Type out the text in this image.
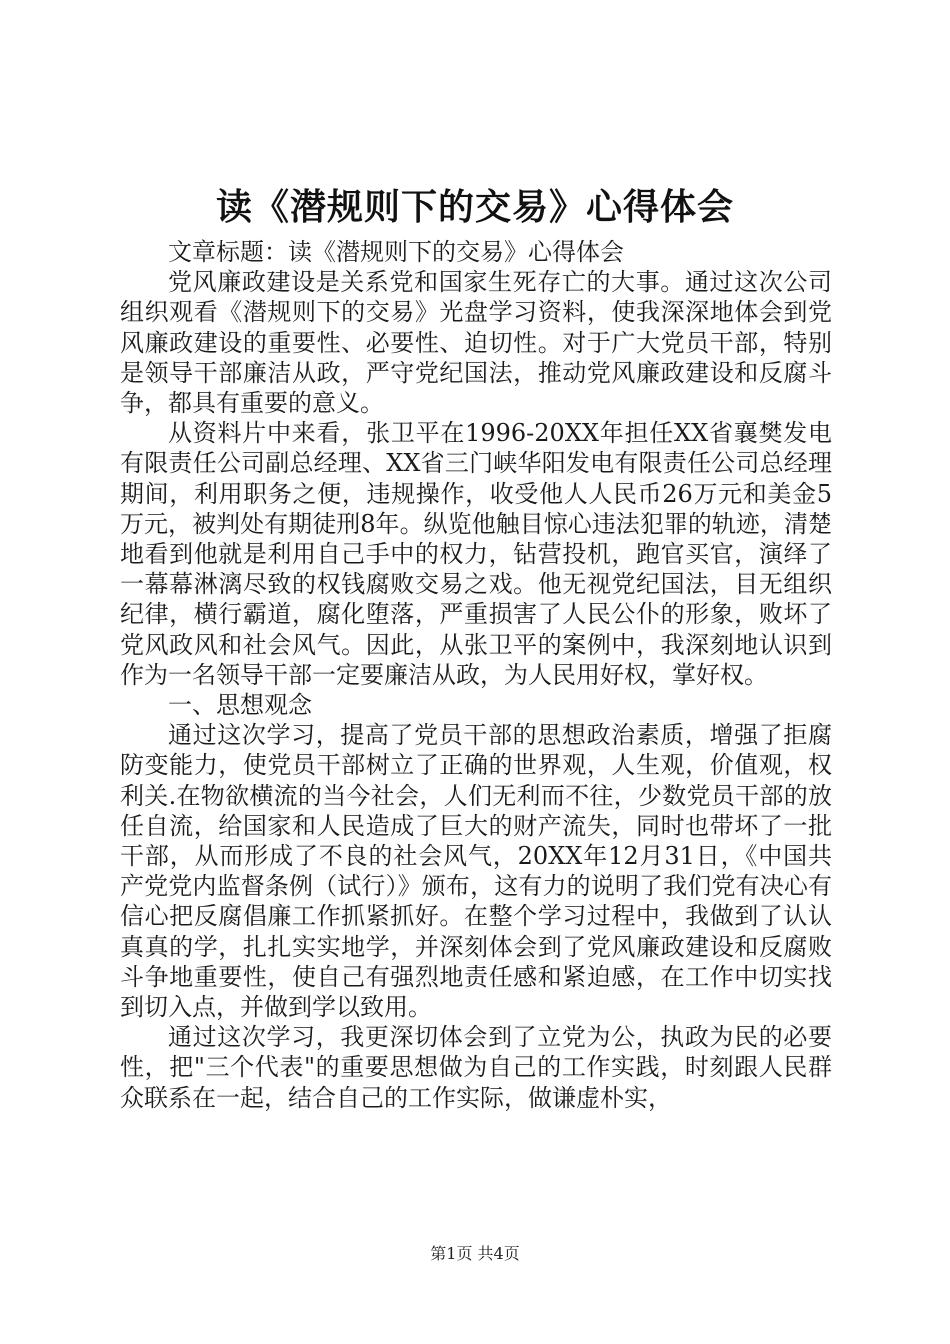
读《潜规则下的交易》心得体会

文章标题：读《潜规则下的交易》心得体会

党风廉政建设是关系党和国家生死存亡的大事。通过这次公司组织观看《潜规则下的交易》光盘学习资料，使我深深地体会到党风廉政建设的重要性、必要性、迫切性。对于广大党员干部，特别是领导干部廉洁从政，严守党纪国法，推动党风廉政建设和反腐斗争，都具有重要的意义。

从资料片中来看，张卫平在1996-20XX年担任XX省襄樊发电有限责任公司副总经理、XX省三门峡华阳发电有限责任公司总经理期间，利用职务之便，违规操作，收受他人人民币26万元和美金5万元，被判处有期徒刑8年。纵览他触目惊心违法犯罪的轨迹，清楚地看到他就是利用自己手中的权力，钻营投机，跑官买官，演绎了一幕幕淋漓尽致的权钱腐败交易之戏。他无视党纪国法，目无组织纪律，横行霸道，腐化堕落，严重损害了人民公仆的形象，败坏了党风政风和社会风气。因此，从张卫平的案例中，我深刻地认识到作为一名领导干部一定要廉洁从政，为人民用好权，掌好权。

一、思想观念

通过这次学习，提高了党员干部的思想政治素质，增强了拒腐防变能力，使党员干部树立了正确的世界观，人生观，价值观，权利关.在物欲横流的当今社会，人们无利而不往，少数党员干部的放任自流，给国家和人民造成了巨大的财产流失，同时也带坏了一批干部，从而形成了不良的社会风气，20XX年12月31日，《中国共产党党内监督条例（试行）》颁布，这有力的说明了我们党有决心有信心把反腐倡廉工作抓紧抓好。在整个学习过程中，我做到了认认真真的学，扎扎实实地学，并深刻体会到了党风廉政建设和反腐败斗争地重要性，使自己有强烈地责任感和紧迫感，在工作中切实找到切入点，并做到学以致用。

通过这次学习，我更深切体会到了立党为公，执政为民的必要性，把"三个代表"的重要思想做为自己的工作实践，时刻跟人民群众联系在一起，结合自己的工作实际，做谦虚朴实，

第1页 共4页
